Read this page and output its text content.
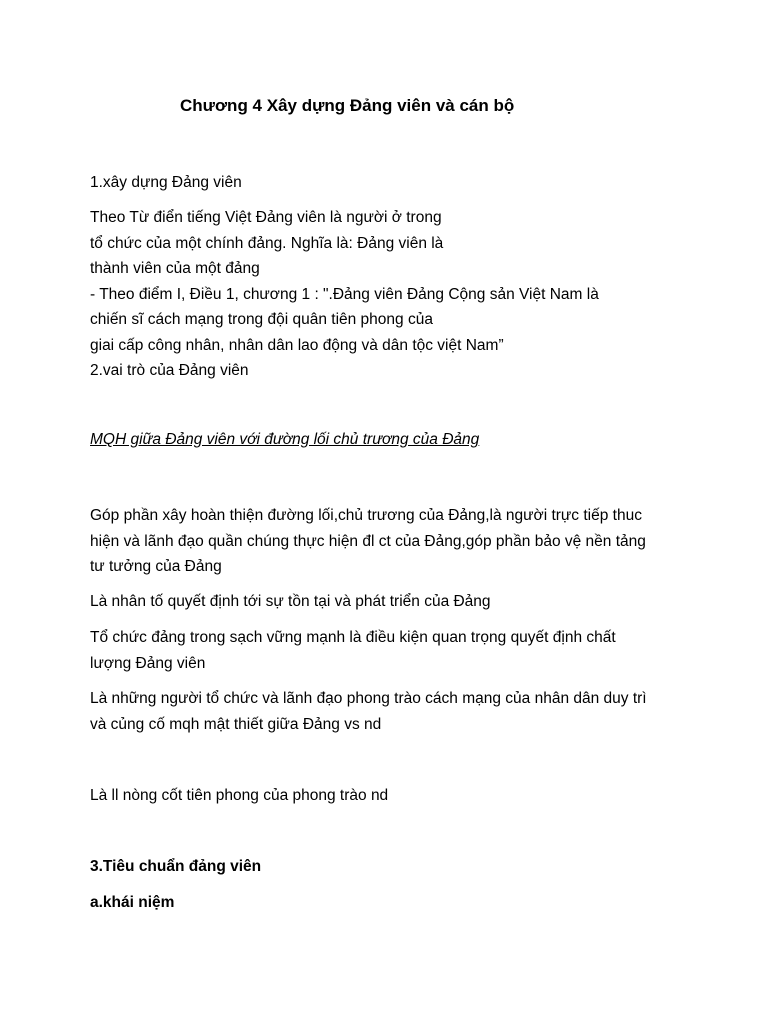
Chương 4 Xây dựng Đảng viên và cán bộ
1.xây dựng Đảng viên
Theo Từ điển tiếng Việt Đảng viên là người ở trong
tổ chức của một chính đảng. Nghĩa là: Đảng viên là
thành viên của một đảng
- Theo điểm I, Điều 1, chương 1 : ".Đảng viên Đảng Cộng sản Việt Nam là
chiến sĩ cách mạng trong đội quân tiên phong của
giai cấp công nhân, nhân dân lao động và dân tộc việt Nam”
2.vai trò của Đảng viên
MQH giữa Đảng viên với đường lối chủ trương của Đảng
Góp phần xây hoàn thiện đường lối,chủ trương của Đảng,là người trực tiếp thuc
hiện và lãnh đạo quần chúng thực hiện đl ct của Đảng,góp phần bảo vệ nền tảng
tư tưởng của Đảng
Là nhân tố quyết định tới sự tồn tại và phát triển của Đảng
Tổ chức đảng trong sạch vững mạnh là điều kiện quan trọng quyết định chất
lượng Đảng viên
Là những người tổ chức và lãnh đạo phong trào cách mạng của nhân dân duy trì
và củng cố mqh mật thiết giữa Đảng vs nd
Là ll nòng cốt tiên phong của phong trào nd
3.Tiêu chuẩn đảng viên
a.khái niệm
